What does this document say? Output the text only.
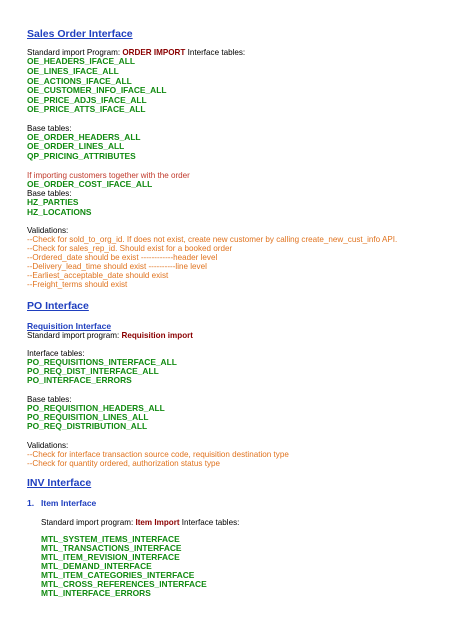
Sales Order Interface
Standard import Program: ORDER IMPORT Interface tables:
OE_HEADERS_IFACE_ALL
OE_LINES_IFACE_ALL
OE_ACTIONS_IFACE_ALL
OE_CUSTOMER_INFO_IFACE_ALL
OE_PRICE_ADJS_IFACE_ALL
OE_PRICE_ATTS_IFACE_ALL
Base tables:
OE_ORDER_HEADERS_ALL
OE_ORDER_LINES_ALL
QP_PRICING_ATTRIBUTES
If importing customers together with the order
OE_ORDER_COST_IFACE_ALL
Base tables:
HZ_PARTIES
HZ_LOCATIONS
Validations:
--Check for sold_to_org_id. If does not exist, create new customer by calling create_new_cust_info API.
--Check for sales_rep_id. Should exist for a booked order
--Ordered_date should be exist ------------header level
--Delivery_lead_time should exist ----------line level
--Earliest_acceptable_date should exist
--Freight_terms should exist
PO Interface
Requisition Interface
Standard import program: Requisition import
Interface tables:
PO_REQUISITIONS_INTERFACE_ALL
PO_REQ_DIST_INTERFACE_ALL
PO_INTERFACE_ERRORS
Base tables:
PO_REQUISITION_HEADERS_ALL
PO_REQUISITION_LINES_ALL
PO_REQ_DISTRIBUTION_ALL
Validations:
--Check for interface transaction source code, requisition destination type
--Check for quantity ordered, authorization status type
INV Interface
1. Item Interface
Standard import program: Item Import Interface tables:
MTL_SYSTEM_ITEMS_INTERFACE
MTL_TRANSACTIONS_INTERFACE
MTL_ITEM_REVISION_INTERFACE
MTL_DEMAND_INTERFACE
MTL_ITEM_CATEGORIES_INTERFACE
MTL_CROSS_REFERENCES_INTERFACE
MTL_INTERFACE_ERRORS
